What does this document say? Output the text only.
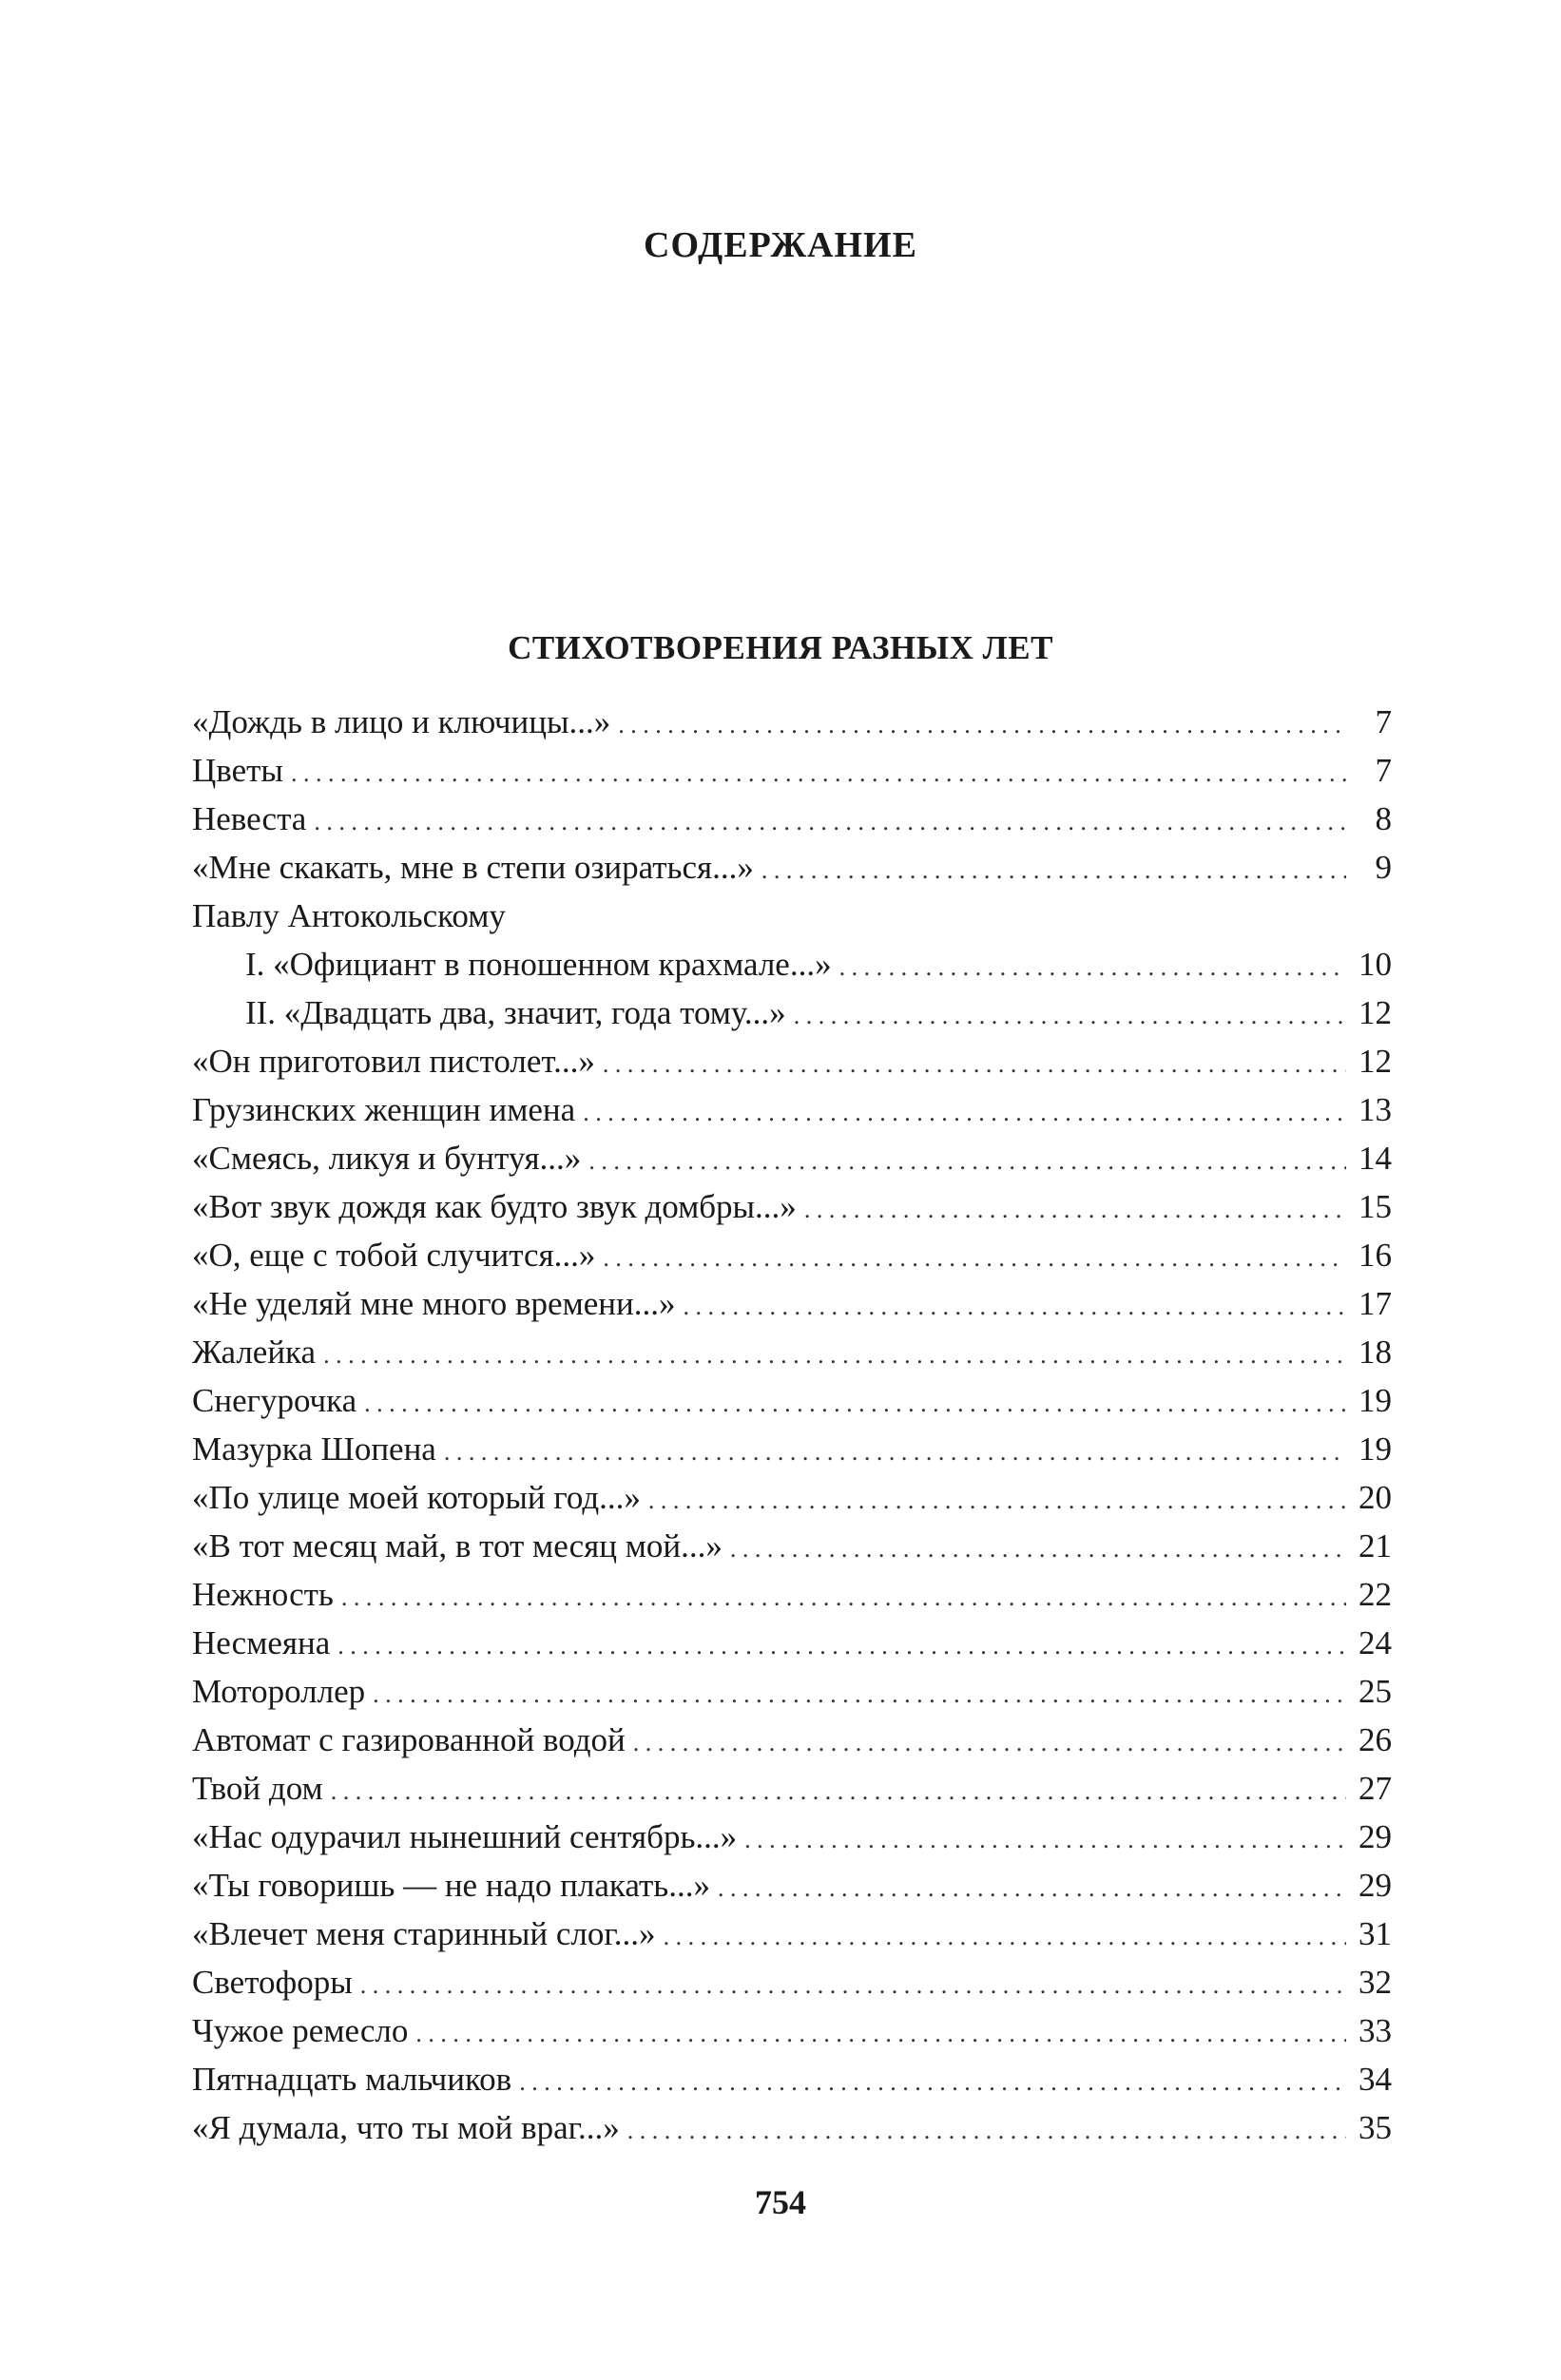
СОДЕРЖАНИЕ
СТИХОТВОРЕНИЯ РАЗНЫХ ЛЕТ
«Дождь в лицо и ключицы...» . . .	7
Цветы . . .	7
Невеста . . .	8
«Мне скакать, мне в степи озираться...» . . .	9
Павлу Антокольскому
I. «Официант в поношенном крахмале...» . . .	10
II. «Двадцать два, значит, года тому...» . . .	12
«Он приготовил пистолет...» . . .	12
Грузинских женщин имена . . .	13
«Смеясь, ликуя и бунтуя...» . . .	14
«Вот звук дождя как будто звук домбры...» . . .	15
«О, еще с тобой случится...» . . .	16
«Не уделяй мне много времени...» . . .	17
Жалейка . . .	18
Снегурочка . . .	19
Мазурка Шопена . . .	19
«По улице моей который год...» . . .	20
«В тот месяц май, в тот месяц мой...» . . .	21
Нежность . . .	22
Несмеяна . . .	24
Мотороллер . . .	25
Автомат с газированной водой . . .	26
Твой дом . . .	27
«Нас одурачил нынешний сентябрь...» . . .	29
«Ты говоришь — не надо плакать...» . . .	29
«Влечет меня старинный слог...» . . .	31
Светофоры . . .	32
Чужое ремесло . . .	33
Пятнадцать мальчиков . . .	34
«Я думала, что ты мой враг...» . . .	35
754
